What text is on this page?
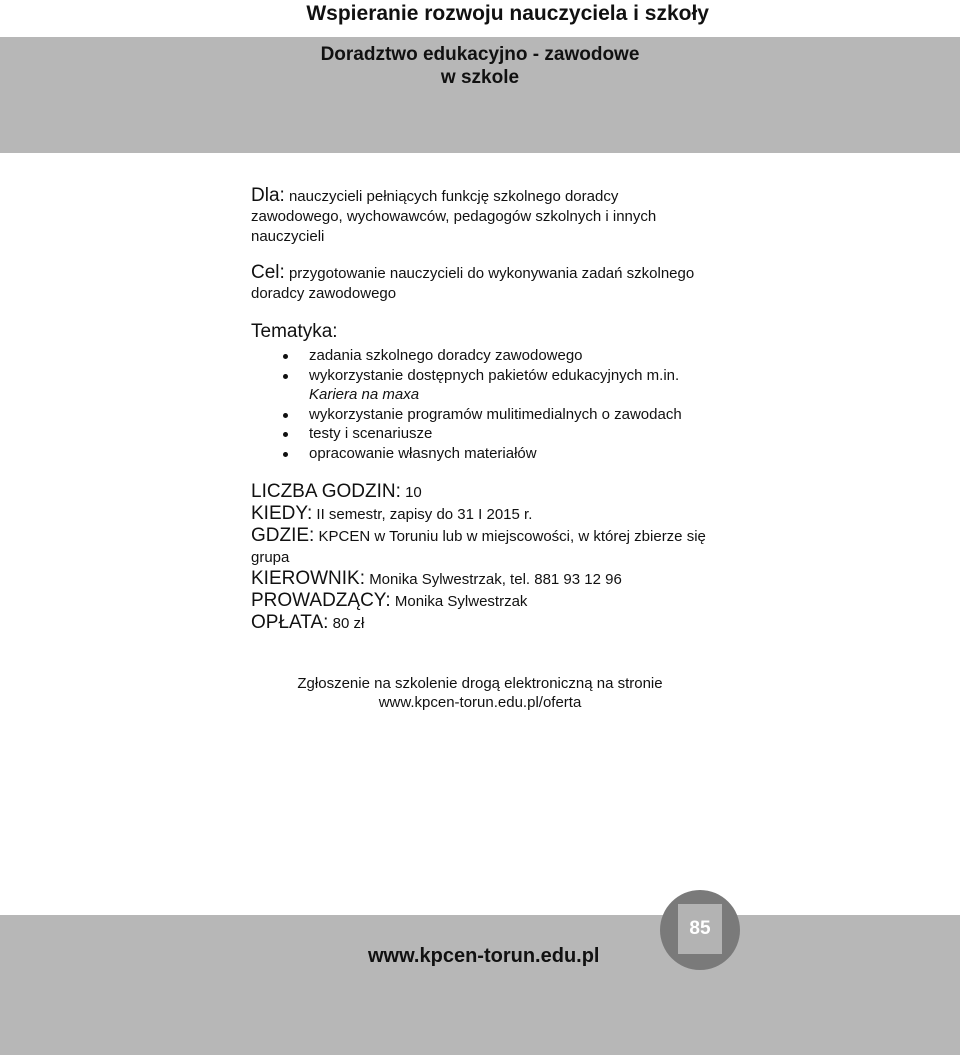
Wspieranie rozwoju nauczyciela i szkoły
Doradztwo edukacyjno - zawodowe
w szkole

Dla: nauczycieli pełniących funkcję szkolnego doradcy zawodowego, wychowawców, pedagogów szkolnych i innych nauczycieli

Cel: przygotowanie nauczycieli do wykonywania zadań szkolnego doradcy zawodowego

Tematyka:
zadania szkolnego doradcy zawodowego
wykorzystanie dostępnych pakietów edukacyjnych m.in. Kariera na maxa
wykorzystanie programów mulitimedialnych o zawodach
testy i scenariusze
opracowanie własnych materiałów
LICZBA GODZIN: 10
KIEDY: II semestr, zapisy do 31 I 2015 r.
GDZIE: KPCEN w Toruniu lub w miejscowości, w której zbierze się grupa
KIEROWNIK: Monika Sylwestrzak, tel. 881 93 12 96
PROWADZĄCY: Monika Sylwestrzak
OPŁATA: 80 zł
Zgłoszenie na szkolenie drogą elektroniczną na stronie
www.kpcen-torun.edu.pl/oferta
www.kpcen-torun.edu.pl
85
